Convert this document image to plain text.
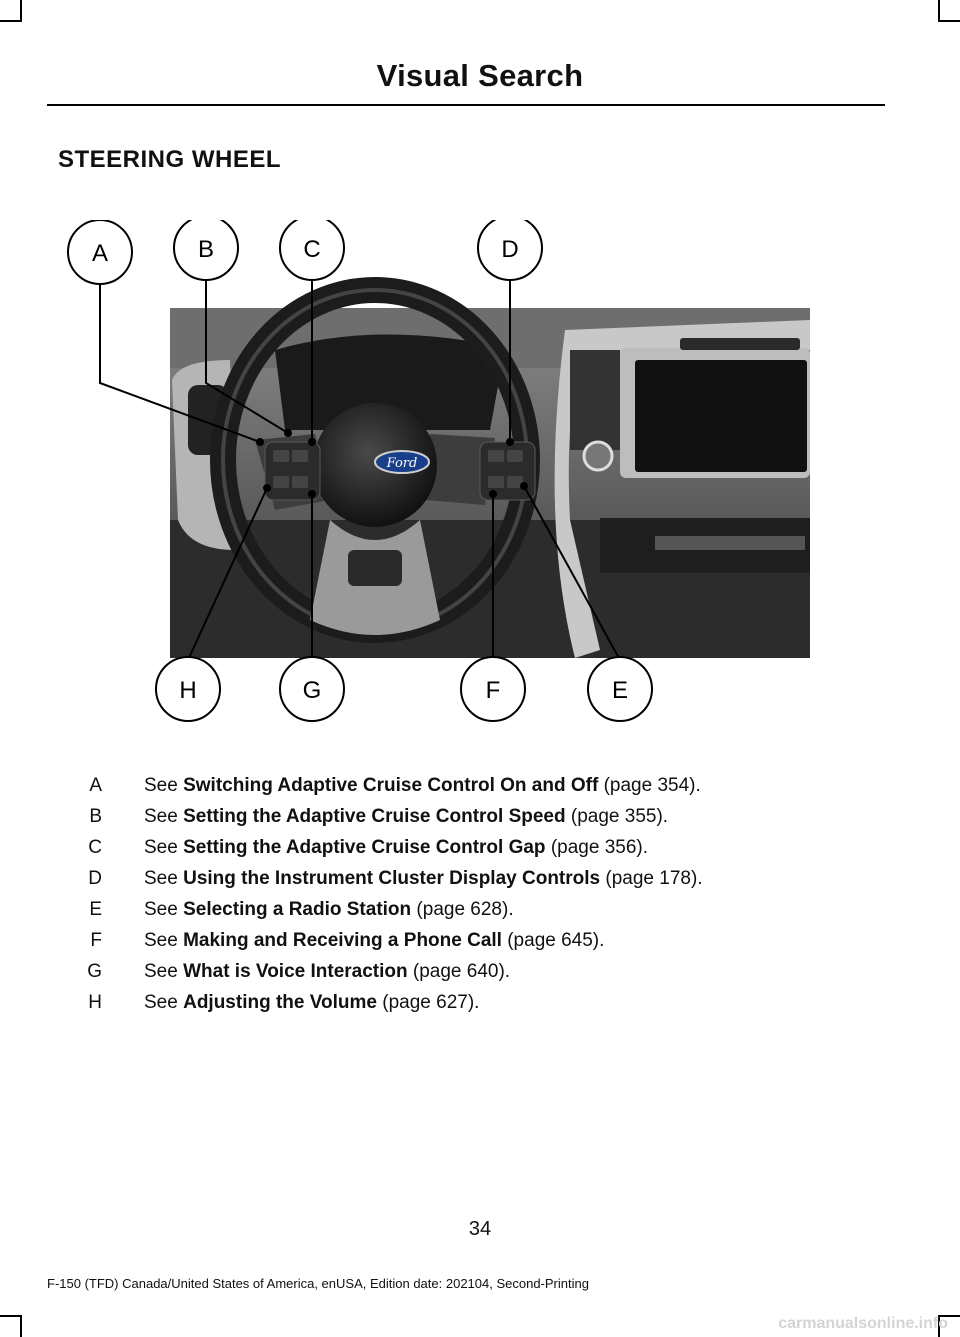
Visual Search
STEERING WHEEL
Ford
A	B	C	D
E
F
G
H
A See Switching Adaptive Cruise Control On and Off (page 354).
B See Setting the Adaptive Cruise Control Speed (page 355).
C See Setting the Adaptive Cruise Control Gap (page 356).
D See Using the Instrument Cluster Display Controls (page 178).
E See Selecting a Radio Station (page 628).
F See Making and Receiving a Phone Call (page 645).
G See What is Voice Interaction (page 640).
H See Adjusting the Volume (page 627).
34
F-150 (TFD) Canada/United States of America, enUSA, Edition date: 202104, Second-Printing
carmanualsonline.info
